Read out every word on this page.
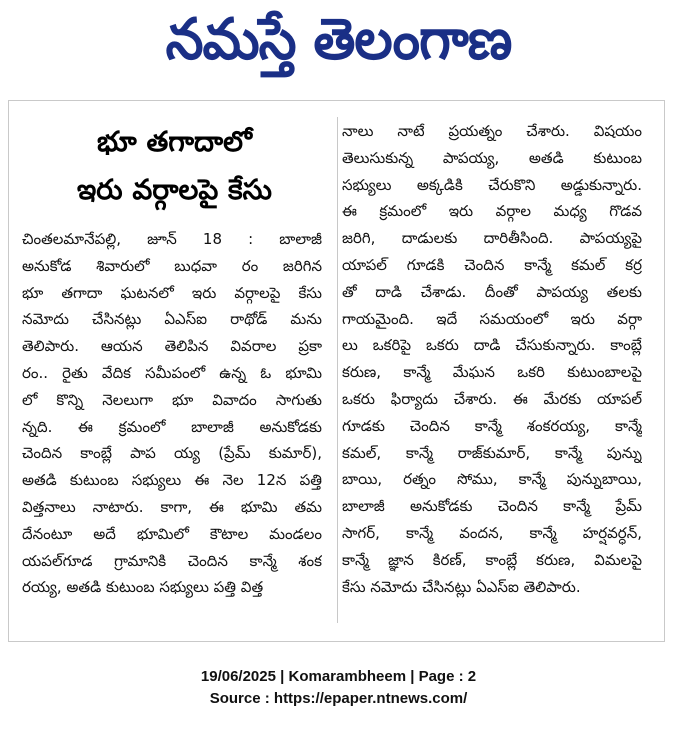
నమస్తే తెలంగాణ
భూ తగాదాలో
ఇరు వర్గాలపై కేసు
చింతలమానేపల్లి, జూన్ 18 : బాలాజీ
అనుకోడ శివారులో బుధవా రం జరిగిన
భూ తగాదా ఘటనలో ఇరు వర్గాలపై కేసు
నమోదు చేసినట్లు ఏఎస్ఐ రాథోడ్ మను
తెలిపారు. ఆయన తెలిపిన వివరాల ప్రకా
రం.. రైతు వేదిక సమీపంలో ఉన్న ఓ భూమి
లో కొన్ని నెలలుగా భూ వివాదం సాగుతు
న్నది. ఈ క్రమంలో బాలాజీ అనుకోడకు
చెందిన కాంబ్లే పాప య్య (ప్రేమ్ కుమార్),
అతడి కుటుంబ సభ్యులు ఈ నెల 12న పత్తి
విత్తనాలు నాటారు. కాగా, ఈ భూమి తమ
దేనంటూ అదే భూమిలో కౌటాల మండలం
యపల్‌గూడ గ్రామానికి చెందిన కాన్మే శంక
రయ్య, అతడి కుటుంబ సభ్యులు పత్తి విత్త
నాలు నాటే ప్రయత్నం చేశారు. విషయం
తెలుసుకున్న పాపయ్య, అతడి కుటుంబ
సభ్యులు అక్కడికి చేరుకొని అడ్డుకున్నారు.
ఈ క్రమంలో ఇరు వర్గాల మధ్య గొడవ
జరిగి, దాడులకు దారితీసింది. పాపయ్యపై
యాపల్ గూడకి చెందిన కాన్మే కమల్ కర్ర
తో దాడి చేశాడు. దీంతో పాపయ్య తలకు
గాయమైంది. ఇదే సమయంలో ఇరు వర్గా
లు ఒకరిపై ఒకరు దాడి చేసుకున్నారు. కాంబ్లే
కరుణ, కాన్మే మేఘన ఒకరి కుటుంబాలపై
ఒకరు ఫిర్యాదు చేశారు. ఈ మేరకు యాపల్
గూడకు చెందిన కాన్మే శంకరయ్య, కాన్మే
కమల్, కాన్మే రాజ్‌కుమార్, కాన్మే పున్ను
బాయి, రత్నం సోము, కాన్మే పున్నుబాయి,
బాలాజీ అనుకోడకు చెందిన కాన్మే ప్రేమ్
సాగర్, కాన్మే వందన, కాన్మే హర్షవర్ధన్,
కాన్మే జ్ఞాన కిరణ్, కాంబ్లే కరుణ, విమలపై
కేసు నమోదు చేసినట్లు ఏఎస్ఐ తెలిపారు.
19/06/2025 | Komarambheem | Page : 2
Source : https://epaper.ntnews.com/
